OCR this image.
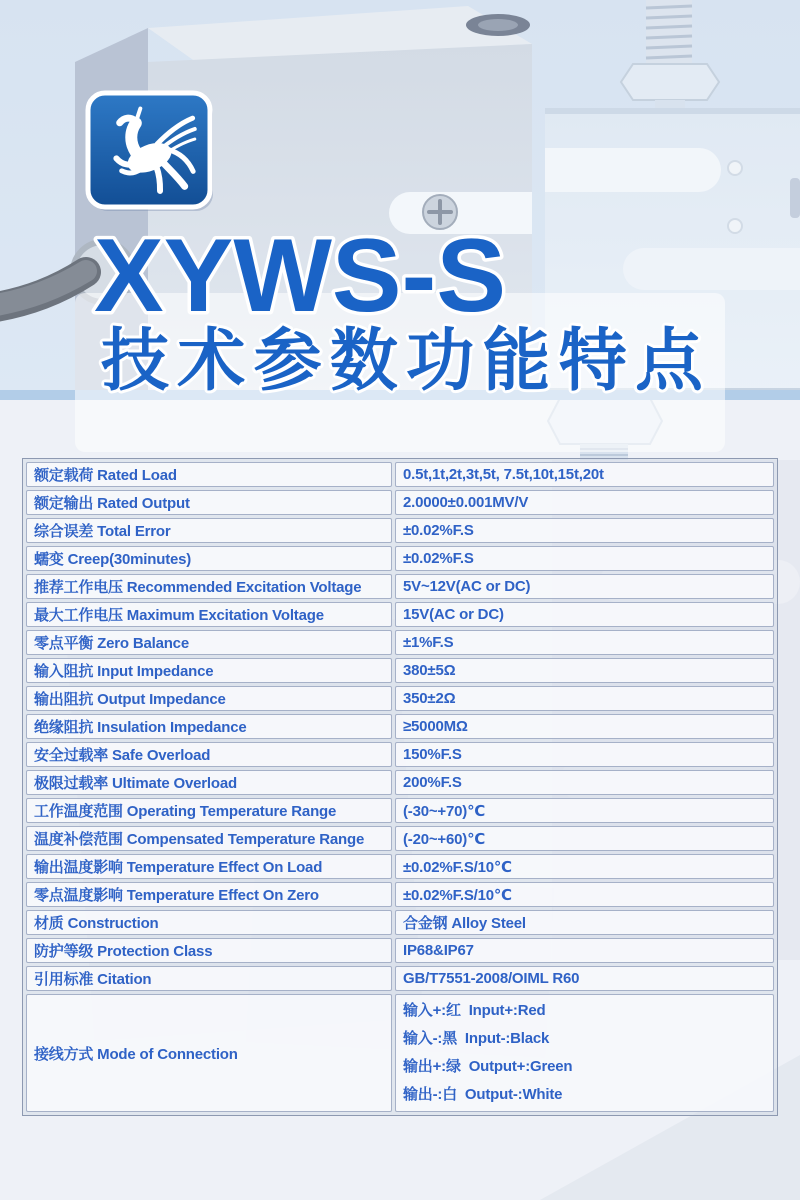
XYWS-S
技术参数功能特点
额定载荷 Rated Load	0.5t,1t,2t,3t,5t, 7.5t,10t,15t,20t
额定输出 Rated Output	2.0000±0.001MV/V
综合误差 Total Error	±0.02%F.S
蠕变 Creep(30minutes)	±0.02%F.S
推荐工作电压 Recommended Excitation Voltage	5V~12V(AC or DC)
最大工作电压 Maximum Excitation Voltage	15V(AC or DC)
零点平衡 Zero Balance	±1%F.S
输入阻抗 Input Impedance	380±5Ω
输出阻抗 Output Impedance	350±2Ω
绝缘阻抗 Insulation Impedance	≥5000MΩ
安全过载率 Safe Overload	150%F.S
极限过载率 Ultimate Overload	200%F.S
工作温度范围 Operating Temperature Range	(-30~+70)℃
温度补偿范围 Compensated Temperature Range	(-20~+60)℃
输出温度影响 Temperature Effect On Load	±0.02%F.S/10℃
零点温度影响 Temperature Effect On Zero	±0.02%F.S/10℃
材质 Construction	合金钢 Alloy Steel
防护等级 Protection Class	IP68&IP67
引用标准 Citation	GB/T7551-2008/OIML R60
接线方式 Mode of Connection
输入+:红  Input+:Red
输入-:黑  Input-:Black
输出+:绿  Output+:Green
输出-:白  Output-:White
